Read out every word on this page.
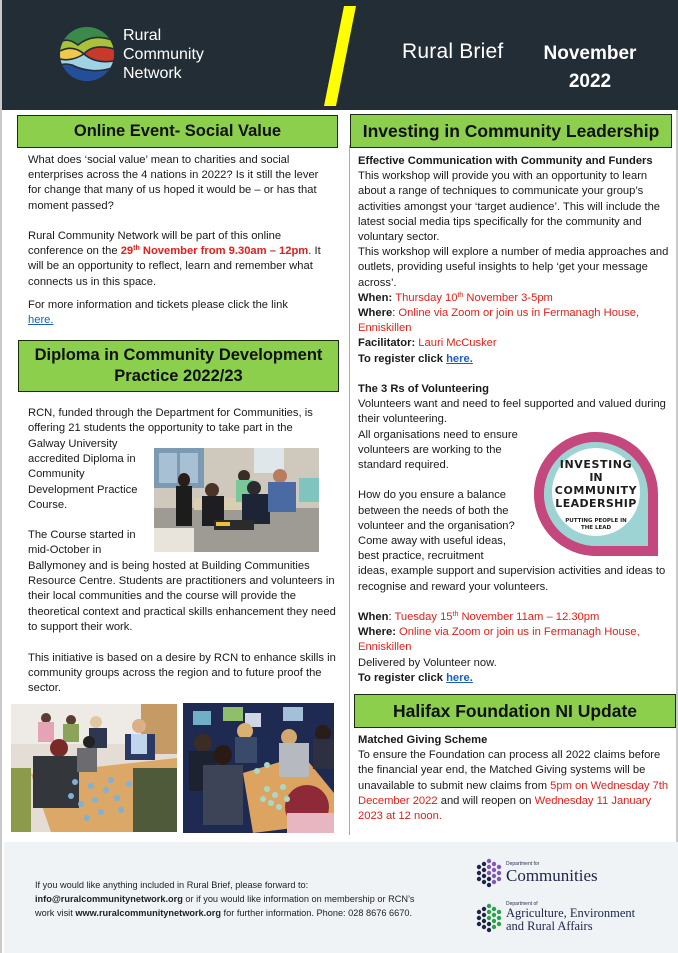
Rural
Community
Network
Rural Brief	November
2022
Online Event- Social Value
What does ‘social value’ mean to charities and social enterprises across the 4 nations in 2022? Is it still the lever for change that many of us hoped it would be – or has that moment passed?
Rural Community Network will be part of this online conference on the 29th November from 9.30am – 12pm. It will be an opportunity to reflect, learn and remember what connects us in this space.
For more information and tickets please click the link
here.
Diploma in Community Development
Practice 2022/23
RCN, funded through the Department for Communities, is offering 21 students the opportunity to take part in the
Galway University
accredited Diploma in
Community
Development Practice
Course.
The Course started in
mid-October in
Ballymoney and is being hosted at Building Communities Resource Centre. Students are practitioners and volunteers in their local communities and the course will provide the theoretical context and practical skills enhancement they need to support their work.
This initiative is based on a desire by RCN to enhance skills in community groups across the region and to future proof the sector.
Investing in Community Leadership
Effective Communication with Community and Funders
This workshop will provide you with an opportunity to learn about a range of techniques to communicate your group’s activities amongst your ‘target audience’. This will include the latest social media tips specifically for the community and voluntary sector.
This workshop will explore a number of media approaches and outlets, providing useful insights to help ‘get your message across’.
When: Thursday 10th November 3-5pm
Where: Online via Zoom or join us in Fermanagh House, Enniskillen
Facilitator: Lauri McCusker
To register click here.
The 3 Rs of Volunteering
Volunteers want and need to feel supported and valued during their volunteering.
All organisations need to ensure
volunteers are working to the
standard required.
How do you ensure a balance
between the needs of both the
volunteer and the organisation?
Come away with useful ideas,
best practice, recruitment
ideas, example support and supervision activities and ideas to recognise and reward your volunteers.
When: Tuesday 15th November 11am – 12.30pm
Where: Online via Zoom or join us in Fermanagh House, Enniskillen
Delivered by Volunteer now.
To register click here.
INVESTING
IN
COMMUNITY
LEADERSHIP
PUTTING PEOPLE IN
THE LEAD
Halifax Foundation NI Update
Matched Giving Scheme
To ensure the Foundation can process all 2022 claims before the financial year end, the Matched Giving systems will be unavailable to submit new claims from 5pm on Wednesday 7th December 2022 and will reopen on Wednesday 11 January 2023 at 12 noon.
If you would like anything included in Rural Brief, please forward to:
info@ruralcommunitynetwork.org or if you would like information on membership or RCN’s
work visit www.ruralcommunitynetwork.org for further information. Phone: 028 8676 6670.
Department for
Communities
Department of
Agriculture, Environment
and Rural Affairs
